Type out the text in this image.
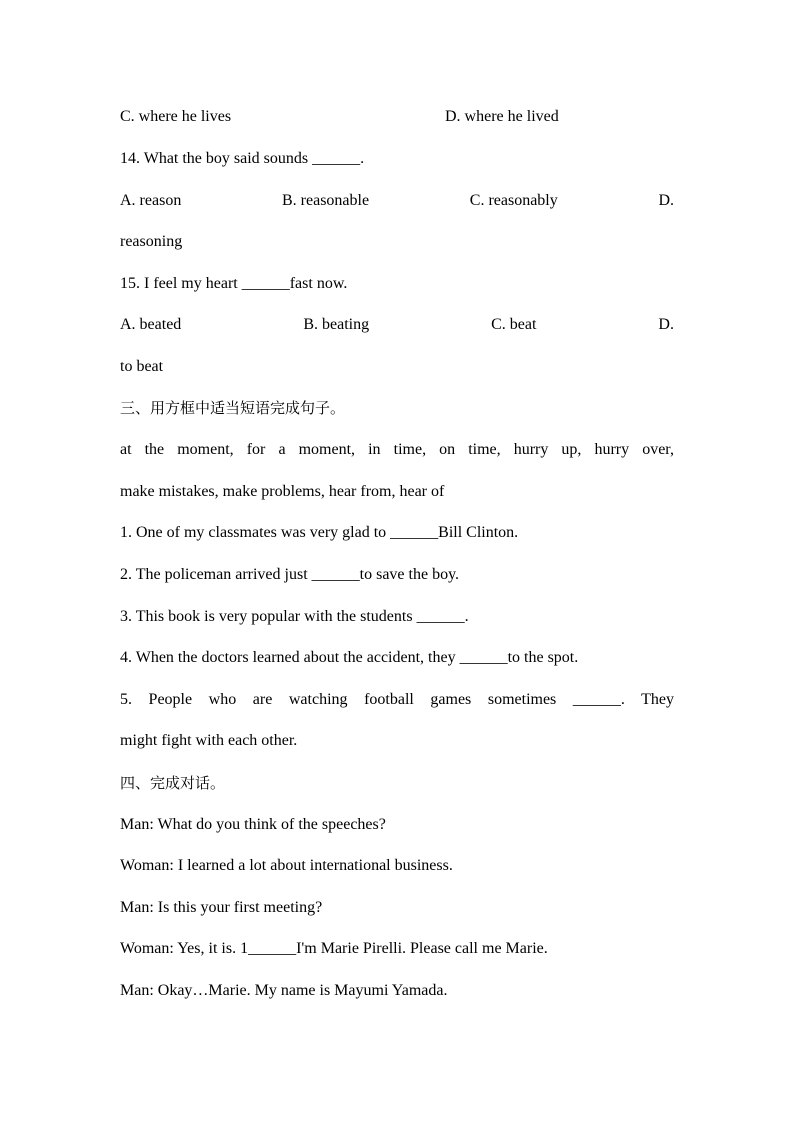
C. where he lives	D. where he lived
14. What the boy said sounds ______.
A. reason	B. reasonable	C. reasonably	D.
reasoning
15. I feel my heart ______fast now.
A. beated	B. beating	C. beat	D.
to beat
三、用方框中适当短语完成句子。
at the moment, for a moment, in time, on time, hurry up, hurry over,
make mistakes, make problems, hear from, hear of
1. One of my classmates was very glad to ______Bill Clinton.
2. The policeman arrived just ______to save the boy.
3. This book is very popular with the students ______.
4. When the doctors learned about the accident, they ______to the spot.
5. People who are watching football games sometimes ______. They
might fight with each other.
四、完成对话。
Man: What do you think of the speeches?
Woman: I learned a lot about international business.
Man: Is this your first meeting?
Woman: Yes, it is. 1______I'm Marie Pirelli. Please call me Marie.
Man: Okay…Marie. My name is Mayumi Yamada.
